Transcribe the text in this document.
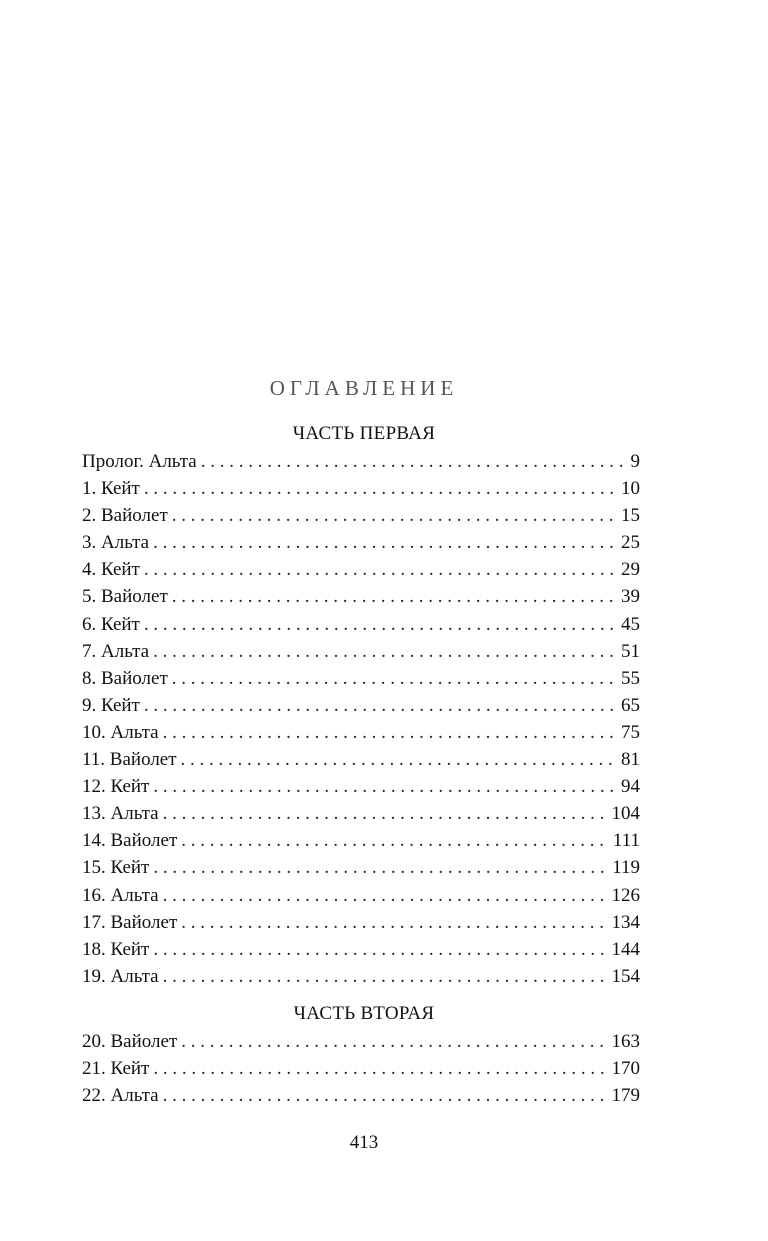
ОГЛАВЛЕНИЕ
ЧАСТЬ ПЕРВАЯ
Пролог. Альта . . .	9
1. Кейт . . .	10
2. Вайолет . . .	15
3. Альта . . .	25
4. Кейт . . .	29
5. Вайолет . . .	39
6. Кейт . . .	45
7. Альта . . .	51
8. Вайолет . . .	55
9. Кейт . . .	65
10. Альта . . .	75
11. Вайолет . . .	81
12. Кейт . . .	94
13. Альта . . .	104
14. Вайолет . . .	111
15. Кейт . . .	119
16. Альта . . .	126
17. Вайолет . . .	134
18. Кейт . . .	144
19. Альта . . .	154
ЧАСТЬ ВТОРАЯ
20. Вайолет . . .	163
21. Кейт . . .	170
22. Альта . . .	179
413
